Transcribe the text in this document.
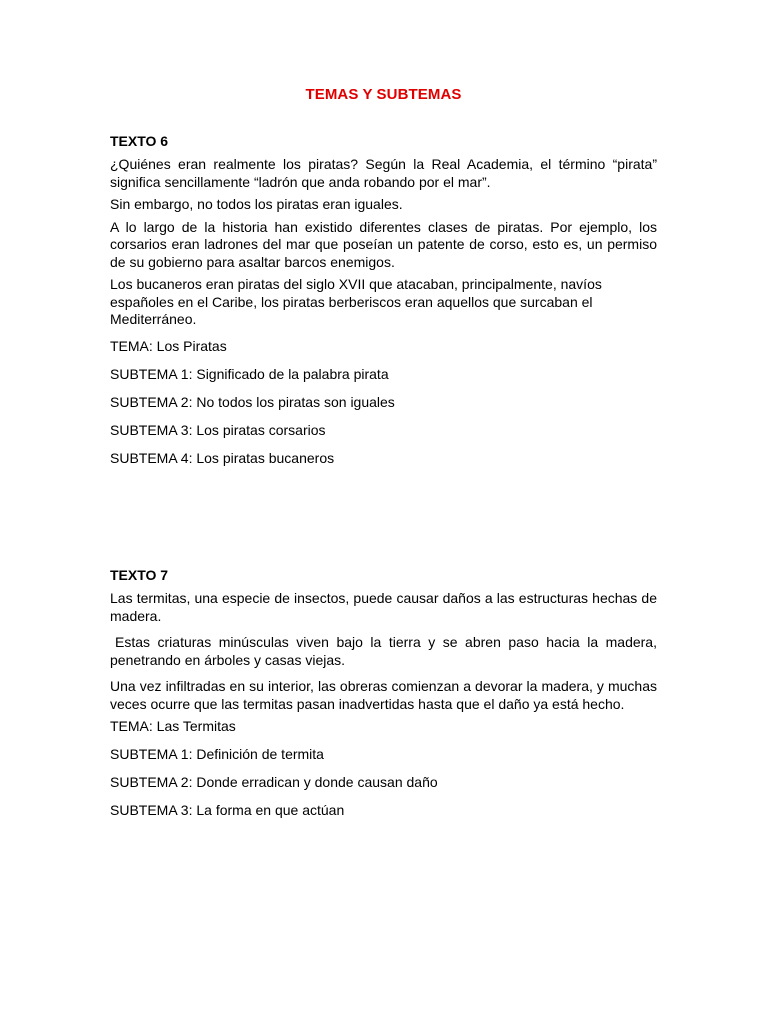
TEMAS Y SUBTEMAS

TEXTO 6

¿Quiénes eran realmente los piratas? Según la Real Academia, el término “pirata” significa sencillamente “ladrón que anda robando por el mar”.

Sin embargo, no todos los piratas eran iguales.

A lo largo de la historia han existido diferentes clases de piratas. Por ejemplo, los corsarios eran ladrones del mar que poseían un patente de corso, esto es, un permiso de su gobierno para asaltar barcos enemigos.

Los bucaneros eran piratas del siglo XVII que atacaban, principalmente, navíos españoles en el Caribe, los piratas berberiscos eran aquellos que surcaban el Mediterráneo.

TEMA: Los Piratas

SUBTEMA 1: Significado de la palabra pirata

SUBTEMA 2: No todos los piratas son iguales

SUBTEMA 3: Los piratas corsarios

SUBTEMA 4: Los piratas bucaneros

TEXTO 7

Las termitas, una especie de insectos, puede causar daños a las estructuras hechas de madera.

Estas criaturas minúsculas viven bajo la tierra y se abren paso hacia la madera, penetrando en árboles y casas viejas.

Una vez infiltradas en su interior, las obreras comienzan a devorar la madera, y muchas veces ocurre que las termitas pasan inadvertidas hasta que el daño ya está hecho.

TEMA: Las Termitas

SUBTEMA 1: Definición de termita

SUBTEMA 2: Donde erradican y donde causan daño

SUBTEMA 3: La forma en que actúan
